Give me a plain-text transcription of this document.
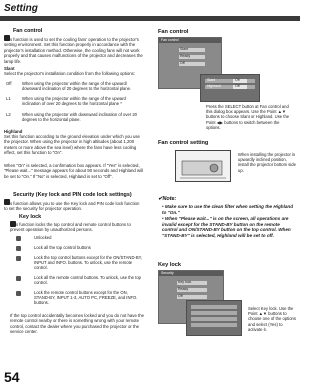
Setting
Fan control
This function is used to set the cooling fans' operation to the projector's setting environment. Set this function properly in accordance with the projector's installation method. Otherwise, the cooling fans will not work properly and that causes malfunctions of the projector and decreases the lamp life.
Slant
Select the projector's installation condition from the following options:
Off	When using the projector within the range of the upward/ downward inclination of 20 degrees to the horizontal plane.
L1	When using the projector within the range of the upward inclination of over 20 degrees to the horizontal plane *
L2	When using the projector with downward inclination of over 20 degrees to the horizontal plane.
Highland
Set this function according to the ground elevation under which you use the projector. When using the projector in high altitudes (about 1,200 meters or more above the sea level) where the fans have less cooling effect, set this function to "On".
When "On" is selected, a confirmation box appears. If "Yes" is selected, "Please wait..." message appears for about 90 seconds and Highland will be set to "On." If "No" is selected, Highland is set to "Off".
Security (Key lock and PIN code lock settings)
This function allows you to use the Key lock and PIN code lock function to set the security for projector operation.
Key lock
This function locks the top control and remote control buttons to prevent operation by unauthorized persons.
Unlocked
Lock all the top control buttons
Lock the top control buttons except for the ON/STAND-BY, INPUT and INFO. buttons. To unlock, use the remote control.
Lock all the remote control buttons. To unlock, use the top control.
Lock the remote control buttons except for the ON, STAND-BY, INPUT 1-3, AUTO PC, FREEZE, and INFO. buttons.
If the top control accidentally becomes locked and you do not have the remote control nearby or there is something wrong with your remote control, contact the dealer where you purchased the projector or the service center.
Fan control
Fan control
Slant
Ready
Off
Slant
Highland
Off
Off
Press the SELECT button at Fan control and this dialog box appears. Use the Point ▲▼ buttons to choose Slant or Highland. Use the Point ◀▶ buttons to switch between the options.
Fan control setting
When installing the projector in upwardly inclined position, install the projector bottom side up.
✔Note:
• Make sure to use the clean filter when setting the Highland to "On."
• When "Please wait..." is on the screen, all operations are invalid except for the STAND-BY button on the remote control and ON/STAND-BY button on the top control. When "STAND-BY" is selected, Highland will be set to off.
Key lock
Security
Key lock
Ready
Off
Select Key lock. Use the Point ▲▼ buttons to choose one of the options and select (Yes) to activate it.
54
